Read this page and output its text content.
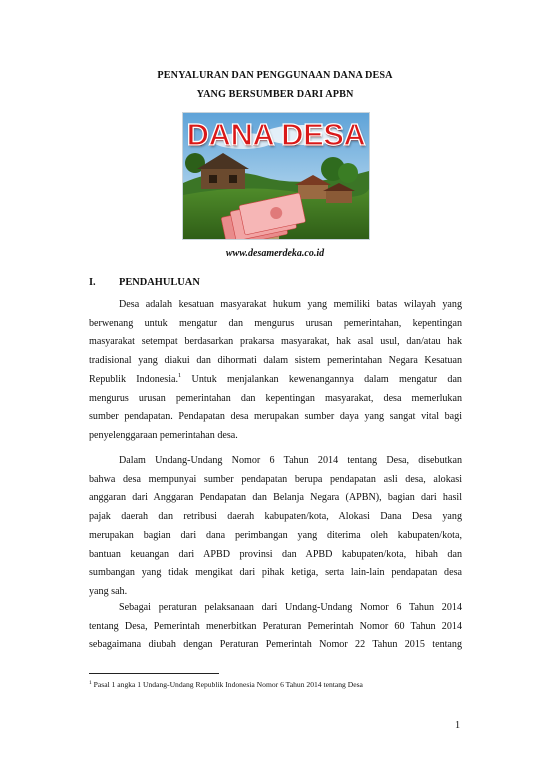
PENYALURAN DAN PENGGUNAAN DANA DESA
YANG BERSUMBER DARI APBN
DANA DESA
www.desamerdeka.co.id
I. PENDAHULUAN
Desa adalah kesatuan masyarakat hukum yang memiliki batas wilayah yang
berwenang untuk mengatur dan mengurus urusan pemerintahan, kepentingan
masyarakat setempat berdasarkan prakarsa masyarakat, hak asal usul, dan/atau hak
tradisional yang diakui dan dihormati dalam sistem pemerintahan Negara Kesatuan
Republik Indonesia.$^1$ Untuk menjalankan kewenangannya dalam mengatur dan
mengurus urusan pemerintahan dan kepentingan masyarakat, desa memerlukan
sumber pendapatan. Pendapatan desa merupakan sumber daya yang sangat vital bagi
penyelenggaraan pemerintahan desa.
Dalam Undang-Undang Nomor 6 Tahun 2014 tentang Desa, disebutkan
bahwa desa mempunyai sumber pendapatan berupa pendapatan asli desa, alokasi
anggaran dari Anggaran Pendapatan dan Belanja Negara (APBN), bagian dari hasil
pajak daerah dan retribusi daerah kabupaten/kota, Alokasi Dana Desa yang
merupakan bagian dari dana perimbangan yang diterima oleh kabupaten/kota,
bantuan keuangan dari APBD provinsi dan APBD kabupaten/kota, hibah dan
sumbangan yang tidak mengikat dari pihak ketiga, serta lain-lain pendapatan desa
yang sah.
Sebagai peraturan pelaksanaan dari Undang-Undang Nomor 6 Tahun 2014
tentang Desa, Pemerintah menerbitkan Peraturan Pemerintah Nomor 60 Tahun 2014
sebagaimana diubah dengan Peraturan Pemerintah Nomor 22 Tahun 2015 tentang
$^1$ Pasal 1 angka 1 Undang-Undang Republik Indonesia Nomor 6 Tahun 2014 tentang Desa
1
